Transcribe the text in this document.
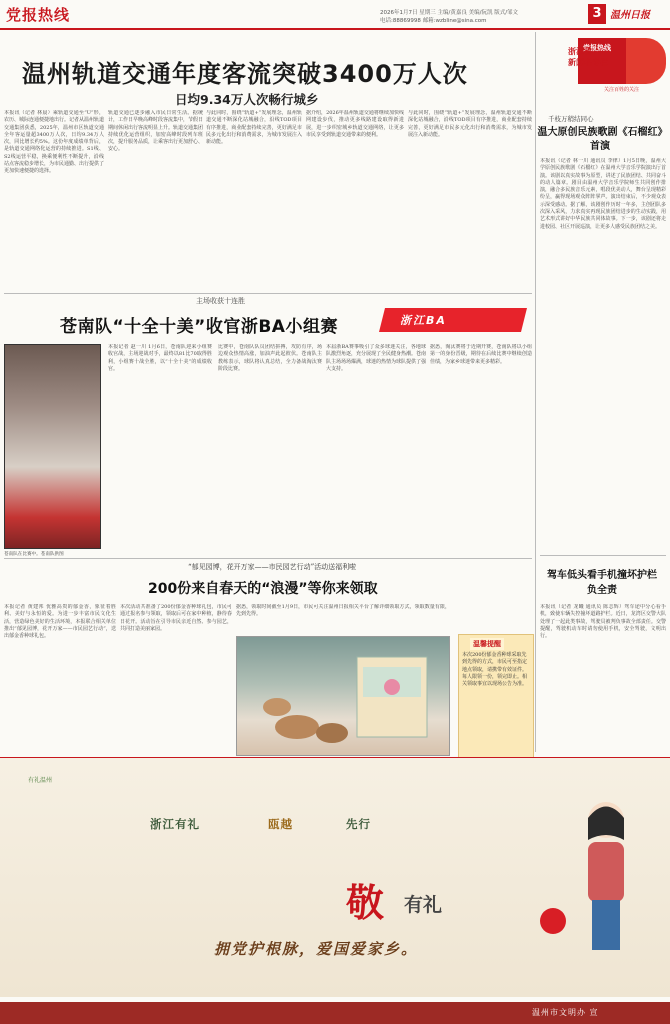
党报热线	2026年1月7日 星期三 主编/黄嘉良 美编/阮凯 版式/邹文
电话:88869998 邮箱:wzbline@sina.com	3 温州日报
党报热线
浙江省
新闻名专栏
关注百姓的关注
温州轨道交通年度客流突破3400万人次
日均9.34万人次畅行城乡
本报讯（记者 林晨）乘轨道交通至“U”形，农历、城际连通便捷地出行。记者从温州轨道交通集团获悉，2025年，温州市区轨道交通全年客运量超3400万人次，日均9.34万人次，同比增长约5%。这份年度成绩单背后，是轨道交通网络化运营的持续推进。S1线、S2线运营平稳，换乘便利性不断提升，沿线站点客流稳步增长，为市民通勤、出行提供了更加快速便捷的选择。
轨道交通已逐步融入市民日常生活。据统计，工作日早晚高峰时段客流集中，节假日期间休闲出行客流明显上升。轨道交通集团持续优化运营组织，加密高峰时段列车班次，提升服务品质，让乘客出行更加舒心、安心。
与此同时，围绕“轨道+”发展理念，温州轨道交通不断深化站城融合，沿线TOD项目有序推进，商业配套持续完善，更好满足市民多元化出行和消费需求，为城市发展注入新动能。
据介绍，2026年温州轨道交通将继续加快线网建设步伐，推动更多线路建设取得新进展，进一步织密城乡轨道交通网络，让更多市民享受到轨道交通带来的便利。
与此同时，围绕“轨道+”发展理念，温州轨道交通不断深化站城融合，沿线TOD项目有序推进，商业配套持续完善，更好满足市民多元化出行和消费需求，为城市发展注入新动能。
千枝万稍结同心
温大原创民族歌剧《石榴红》首演
本报讯（记者 林一川 通讯员 李律）1月5日晚，温州大学原创民族歌剧《石榴红》在温州大学音乐学院演出厅首演。该剧以真实故事为原型，讲述了民族团结、共同奋斗的动人篇章。剧目由温州大学音乐学院师生共同创作排演，融合多民族音乐元素，唱段优美动人，舞台呈现精彩纷呈，赢得现场观众阵阵掌声。演出结束后，不少观众表示深受感动。据了解，该剧创作历时一年多，主创团队多次深入采风，力求真实再现民族团结进步的生动实践，用艺术形式讲好中华民族共同体故事。下一步，该剧还将走进校园、社区开展巡演，让更多人感受民族团结之美。
驾车低头看手机撞坏护栏负全责
本报讯（记者 龙曦 通讯员 陈志辉）驾车途中分心看手机，致使车辆失控撞坏道路护栏。近日，龙湾区交警大队处理了一起此类事故，驾驶员被判负事故全部责任。交警提醒，驾驶机动车时请勿使用手机，安全驾驶，文明出行。
主场收获十连胜
苍南队“十全十美”收官浙BA小组赛	浙江BA
苍南队在比赛中。苍南队供图
本报记者 赵一川 1月6日，苍南队迎来小组赛收官战，主场迎战对手，最终以81比70取得胜利，小组赛十战全胜，以“十全十美”的成绩收官。
比赛中，苍南队队员团结拼搏，攻防有序，场边观众热情高涨，加油声此起彼伏。苍南队主教练表示，球队将认真总结，全力备战淘汰赛阶段比赛。
本届浙BA赛事吸引了众多球迷关注，各地球队激烈角逐，充分展现了全民健身热潮。苍南队主场场场爆满，球迷的热情为球队提供了强大支持。
据悉，淘汰赛将于近期开赛，苍南队将以小组第一的身份晋级，期待在后续比赛中继续创造佳绩，为家乡球迷带来更多精彩。
“郁见园博，花开万家——市民园艺行动”活动送福利啦
200份来自春天的“浪漫”等你来领取
本报记者 黄建邦 优雅高贵的郁金香，象征着胜利、美好与永恒的爱。为进一步丰富市民文化生活，营造绿色美好的生活环境，本报联合相关单位推出“郁见园博，花开万家——市民园艺行动”，送出郁金香种球礼包。
本次活动共准备了200份郁金香种球礼包，市民可通过报名参与领取，领取后可在家中种植，静待春日花开。活动旨在引导市民亲近自然、参与园艺，共同打造美丽家园。
据悉，领取时间截至1月9日，市民可关注温州日报相关平台了解详细领取方式，领取数量有限，先到先得。
温馨提醒
本次200份郁金香种球采取先到先得的方式，市民可至指定地点领取，请携带有效证件。每人限领一份，领完即止。相关领取事宜以现场公告为准。
有礼温州
浙江有礼	瓯越	先行
敬 有礼
拥党护根脉，爱国爱家乡。
温州市文明办 宣
